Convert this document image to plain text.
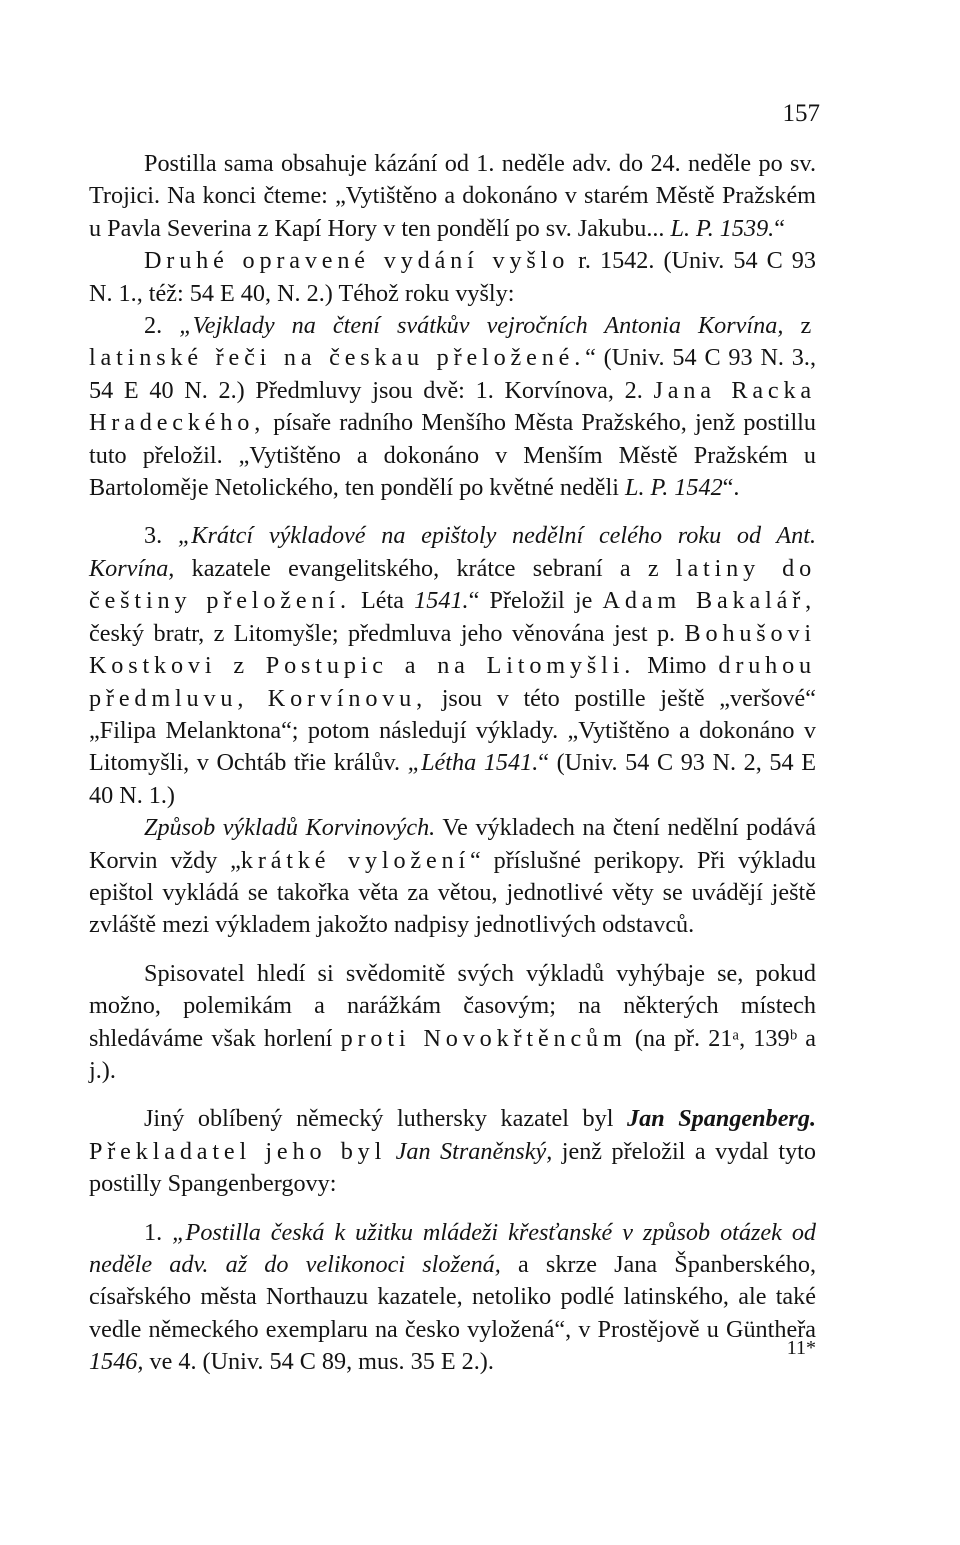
157

Postilla sama obsahuje kázání od 1. neděle adv. do 24. neděle po sv. Trojici. Na konci čteme: „Vytištěno a dokonáno v starém Městě Pražském u Pavla Severina z Kapí Hory v ten pondělí po sv. Jakubu... L. P. 1539.“

Druhé opravené vydání vyšlo r. 1542. (Univ. 54 C 93 N. 1., též: 54 E 40, N. 2.) Téhož roku vyšly:

2. „Vejklady na čtení svátkův vejročních Antonia Korvína, z latinské řeči na českau přeložené.“ (Univ. 54 C 93 N. 3., 54 E 40 N. 2.) Předmluvy jsou dvě: 1. Korvínova, 2. Jana Racka Hradeckého, písaře radního Menšího Města Pražského, jenž postillu tuto přeložil. „Vytištěno a dokonáno v Menším Městě Pražském u Bartoloměje Netolického, ten pondělí po květné neděli L. P. 1542“.

3. „Krátcí výkladové na epištoly nedělní celého roku od Ant. Korvína, kazatele evangelitského, krátce sebraní a z latiny do češtiny přeložení. Léta 1541.“ Přeložil je Adam Bakalář, český bratr, z Litomyšle; předmluva jeho věnována jest p. Bohušovi Kostkovi z Postupic a na Litomyšli. Mimo druhou předmluvu, Korvínovu, jsou v této postille ještě „veršové“ „Filipa Melanktona“; potom následují výklady. „Vytištěno a dokonáno v Litomyšli, v Ochtáb třie králův. „Létha 1541.“ (Univ. 54 C 93 N. 2, 54 E 40 N. 1.)

Způsob výkladů Korvinových. Ve výkladech na čtení nedělní podává Korvin vždy „krátké vyložení“ příslušné perikopy. Při výkladu epištol vykládá se takořka věta za větou, jednotlivé věty se uvádějí ještě zvláště mezi výkladem jakožto nadpisy jednotlivých odstavců.

Spisovatel hledí si svědomitě svých výkladů vyhýbaje se, pokud možno, polemikám a narážkám časovým; na některých místech shledáváme však horlení proti Novokřtěncům (na př. 21ᵃ, 139ᵇ a j.).

Jiný oblíbený německý luthersky kazatel byl Jan Spangenberg. Překladatel jeho byl Jan Straněnský, jenž přeložil a vydal tyto postilly Spangenbergovy:

1. „Postilla česká k užitku mládeži křesťanské v způsob otázek od neděle adv. až do velikonoci složená, a skrze Jana Španberského, císařského města Northauzu kazatele, netoliko podlé latinského, ale také vedle německého exemplaru na česko vyložená“, v Prostějově u Güntheřa 1546, ve 4. (Univ. 54 C 89, mus. 35 E 2.).

11*
